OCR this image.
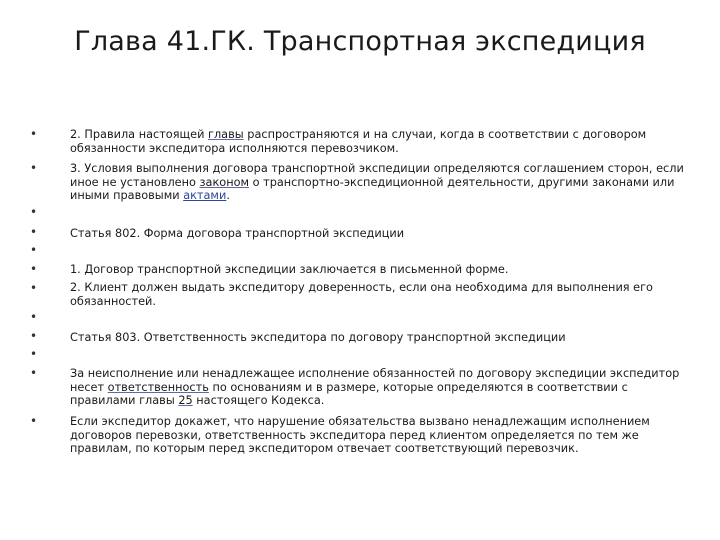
Глава 41.ГК. Транспортная экспедиция
•
•
•
•
•
•
•
•
•
•
•
•
2. Правила настоящей главы распространяются и на случаи, когда в соответствии с договором обязанности экспедитора исполняются перевозчиком.
3. Условия выполнения договора транспортной экспедиции определяются соглашением сторон, если иное не установлено законом о транспортно-экспедиционной деятельности, другими законами или иными правовыми актами.
Статья 802. Форма договора транспортной экспедиции
1. Договор транспортной экспедиции заключается в письменной форме.
2. Клиент должен выдать экспедитору доверенность, если она необходима для выполнения его обязанностей.
Статья 803. Ответственность экспедитора по договору транспортной экспедиции
За неисполнение или ненадлежащее исполнение обязанностей по договору экспедиции экспедитор несет ответственность по основаниям и в размере, которые определяются в соответствии с правилами главы 25 настоящего Кодекса.
Если экспедитор докажет, что нарушение обязательства вызвано ненадлежащим исполнением договоров перевозки, ответственность экспедитора перед клиентом определяется по тем же правилам, по которым перед экспедитором отвечает соответствующий перевозчик.
